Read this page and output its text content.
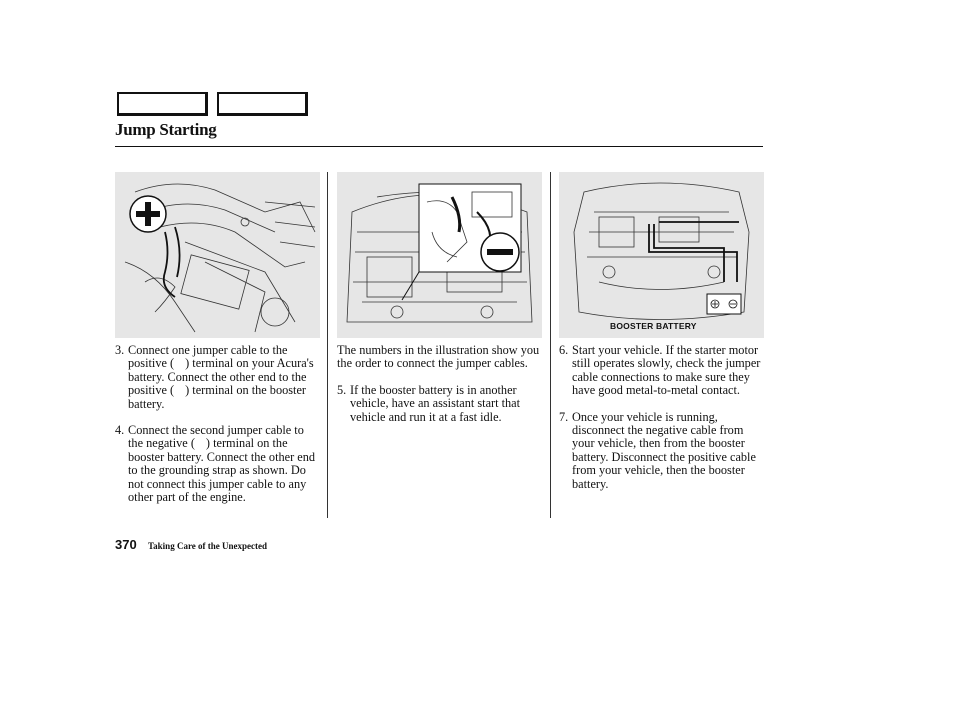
Jump Starting
BOOSTER BATTERY
3. Connect one jumper cable to the positive ( ) terminal on your Acura's battery. Connect the other end to the positive ( ) terminal on the booster battery.
4. Connect the second jumper cable to the negative ( ) terminal on the booster battery. Connect the other end to the grounding strap as shown. Do not connect this jumper cable to any other part of the engine.
The numbers in the illustration show you the order to connect the jumper cables.
5. If the booster battery is in another vehicle, have an assistant start that vehicle and run it at a fast idle.
6. Start your vehicle. If the starter motor still operates slowly, check the jumper cable connections to make sure they have good metal-to-metal contact.
7. Once your vehicle is running, disconnect the negative cable from your vehicle, then from the booster battery. Disconnect the positive cable from your vehicle, then the booster battery.
370 Taking Care of the Unexpected
